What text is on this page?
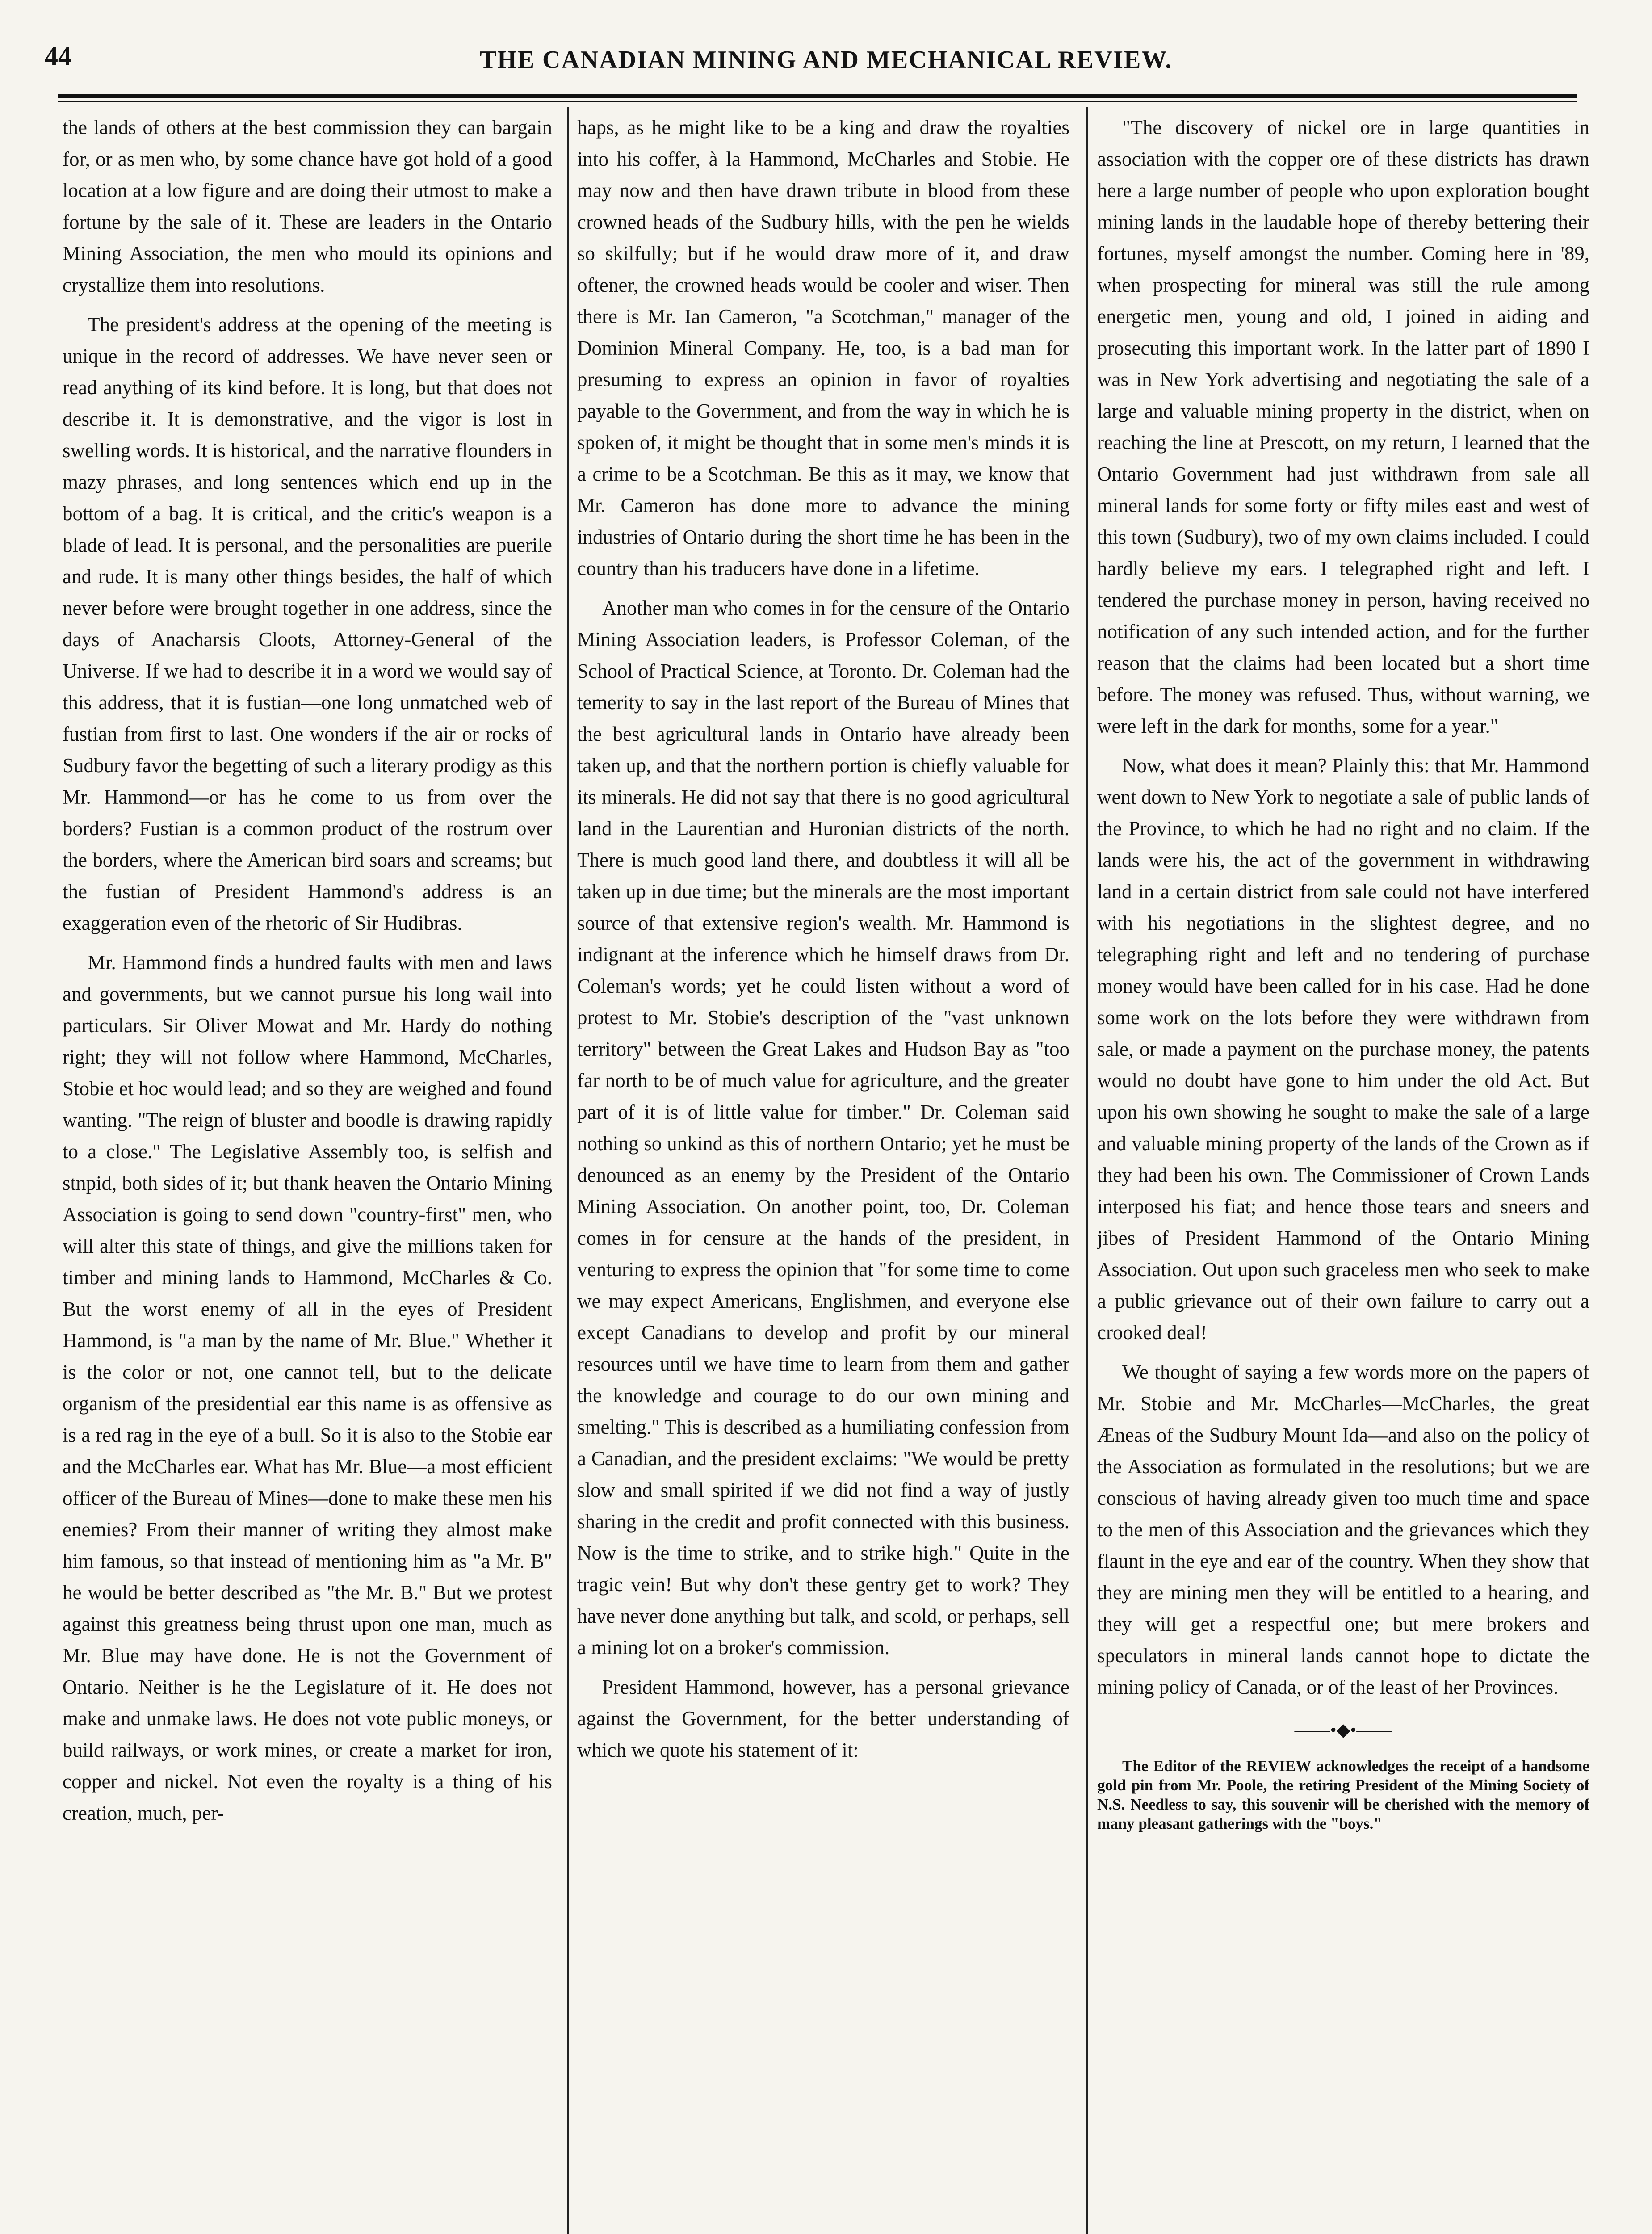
44	THE CANADIAN MINING AND MECHANICAL REVIEW.

the lands of others at the best commission they can bargain for, or as men who, by some chance have got hold of a good location at a low figure and are doing their utmost to make a fortune by the sale of it. These are leaders in the Ontario Mining Association, the men who mould its opinions and crystallize them into resolutions.

The president's address at the opening of the meeting is unique in the record of addresses. We have never seen or read anything of its kind before. It is long, but that does not describe it. It is demonstrative, and the vigor is lost in swelling words. It is historical, and the narrative flounders in mazy phrases, and long sentences which end up in the bottom of a bag. It is critical, and the critic's weapon is a blade of lead. It is personal, and the personalities are puerile and rude. It is many other things besides, the half of which never before were brought together in one address, since the days of Anacharsis Cloots, Attorney-General of the Universe. If we had to describe it in a word we would say of this address, that it is fustian—one long unmatched web of fustian from first to last. One wonders if the air or rocks of Sudbury favor the begetting of such a literary prodigy as this Mr. Hammond—or has he come to us from over the borders? Fustian is a common product of the rostrum over the borders, where the American bird soars and screams; but the fustian of President Hammond's address is an exaggeration even of the rhetoric of Sir Hudibras.

Mr. Hammond finds a hundred faults with men and laws and governments, but we cannot pursue his long wail into particulars. Sir Oliver Mowat and Mr. Hardy do nothing right; they will not follow where Hammond, McCharles, Stobie et hoc would lead; and so they are weighed and found wanting. "The reign of bluster and boodle is drawing rapidly to a close." The Legislative Assembly too, is selfish and stnpid, both sides of it; but thank heaven the Ontario Mining Association is going to send down "country-first" men, who will alter this state of things, and give the millions taken for timber and mining lands to Hammond, McCharles & Co. But the worst enemy of all in the eyes of President Hammond, is "a man by the name of Mr. Blue." Whether it is the color or not, one cannot tell, but to the delicate organism of the presidential ear this name is as offensive as is a red rag in the eye of a bull. So it is also to the Stobie ear and the McCharles ear. What has Mr. Blue—a most efficient officer of the Bureau of Mines—done to make these men his enemies? From their manner of writing they almost make him famous, so that instead of mentioning him as "a Mr. B" he would be better described as "the Mr. B." But we protest against this greatness being thrust upon one man, much as Mr. Blue may have done. He is not the Government of Ontario. Neither is he the Legislature of it. He does not make and unmake laws. He does not vote public moneys, or build railways, or work mines, or create a market for iron, copper and nickel. Not even the royalty is a thing of his creation, much, per-

haps, as he might like to be a king and draw the royalties into his coffer, à la Hammond, McCharles and Stobie. He may now and then have drawn tribute in blood from these crowned heads of the Sudbury hills, with the pen he wields so skilfully; but if he would draw more of it, and draw oftener, the crowned heads would be cooler and wiser. Then there is Mr. Ian Cameron, "a Scotchman," manager of the Dominion Mineral Company. He, too, is a bad man for presuming to express an opinion in favor of royalties payable to the Government, and from the way in which he is spoken of, it might be thought that in some men's minds it is a crime to be a Scotchman. Be this as it may, we know that Mr. Cameron has done more to advance the mining industries of Ontario during the short time he has been in the country than his traducers have done in a lifetime.

Another man who comes in for the censure of the Ontario Mining Association leaders, is Professor Coleman, of the School of Practical Science, at Toronto. Dr. Coleman had the temerity to say in the last report of the Bureau of Mines that the best agricultural lands in Ontario have already been taken up, and that the northern portion is chiefly valuable for its minerals. He did not say that there is no good agricultural land in the Laurentian and Huronian districts of the north. There is much good land there, and doubtless it will all be taken up in due time; but the minerals are the most important source of that extensive region's wealth. Mr. Hammond is indignant at the inference which he himself draws from Dr. Coleman's words; yet he could listen without a word of protest to Mr. Stobie's description of the "vast unknown territory" between the Great Lakes and Hudson Bay as "too far north to be of much value for agriculture, and the greater part of it is of little value for timber." Dr. Coleman said nothing so unkind as this of northern Ontario; yet he must be denounced as an enemy by the President of the Ontario Mining Association. On another point, too, Dr. Coleman comes in for censure at the hands of the president, in venturing to express the opinion that "for some time to come we may expect Americans, Englishmen, and everyone else except Canadians to develop and profit by our mineral resources until we have time to learn from them and gather the knowledge and courage to do our own mining and smelting." This is described as a humiliating confession from a Canadian, and the president exclaims: "We would be pretty slow and small spirited if we did not find a way of justly sharing in the credit and profit connected with this business. Now is the time to strike, and to strike high." Quite in the tragic vein! But why don't these gentry get to work? They have never done anything but talk, and scold, or perhaps, sell a mining lot on a broker's commission.

President Hammond, however, has a personal grievance against the Government, for the better understanding of which we quote his statement of it:

"The discovery of nickel ore in large quantities in association with the copper ore of these districts has drawn here a large number of people who upon exploration bought mining lands in the laudable hope of thereby bettering their fortunes, myself amongst the number. Coming here in '89, when prospecting for mineral was still the rule among energetic men, young and old, I joined in aiding and prosecuting this important work. In the latter part of 1890 I was in New York advertising and negotiating the sale of a large and valuable mining property in the district, when on reaching the line at Prescott, on my return, I learned that the Ontario Government had just withdrawn from sale all mineral lands for some forty or fifty miles east and west of this town (Sudbury), two of my own claims included. I could hardly believe my ears. I telegraphed right and left. I tendered the purchase money in person, having received no notification of any such intended action, and for the further reason that the claims had been located but a short time before. The money was refused. Thus, without warning, we were left in the dark for months, some for a year."

Now, what does it mean? Plainly this: that Mr. Hammond went down to New York to negotiate a sale of public lands of the Province, to which he had no right and no claim. If the lands were his, the act of the government in withdrawing land in a certain district from sale could not have interfered with his negotiations in the slightest degree, and no telegraphing right and left and no tendering of purchase money would have been called for in his case. Had he done some work on the lots before they were withdrawn from sale, or made a payment on the purchase money, the patents would no doubt have gone to him under the old Act. But upon his own showing he sought to make the sale of a large and valuable mining property of the lands of the Crown as if they had been his own. The Commissioner of Crown Lands interposed his fiat; and hence those tears and sneers and jibes of President Hammond of the Ontario Mining Association. Out upon such graceless men who seek to make a public grievance out of their own failure to carry out a crooked deal!

We thought of saying a few words more on the papers of Mr. Stobie and Mr. McCharles—McCharles, the great Æneas of the Sudbury Mount Ida—and also on the policy of the Association as formulated in the resolutions; but we are conscious of having already given too much time and space to the men of this Association and the grievances which they flaunt in the eye and ear of the country. When they show that they are mining men they will be entitled to a hearing, and they will get a respectful one; but mere brokers and speculators in mineral lands cannot hope to dictate the mining policy of Canada, or of the least of her Provinces.

——•◆•——

The Editor of the REVIEW acknowledges the receipt of a handsome gold pin from Mr. Poole, the retiring President of the Mining Society of N.S. Needless to say, this souvenir will be cherished with the memory of many pleasant gatherings with the "boys."
